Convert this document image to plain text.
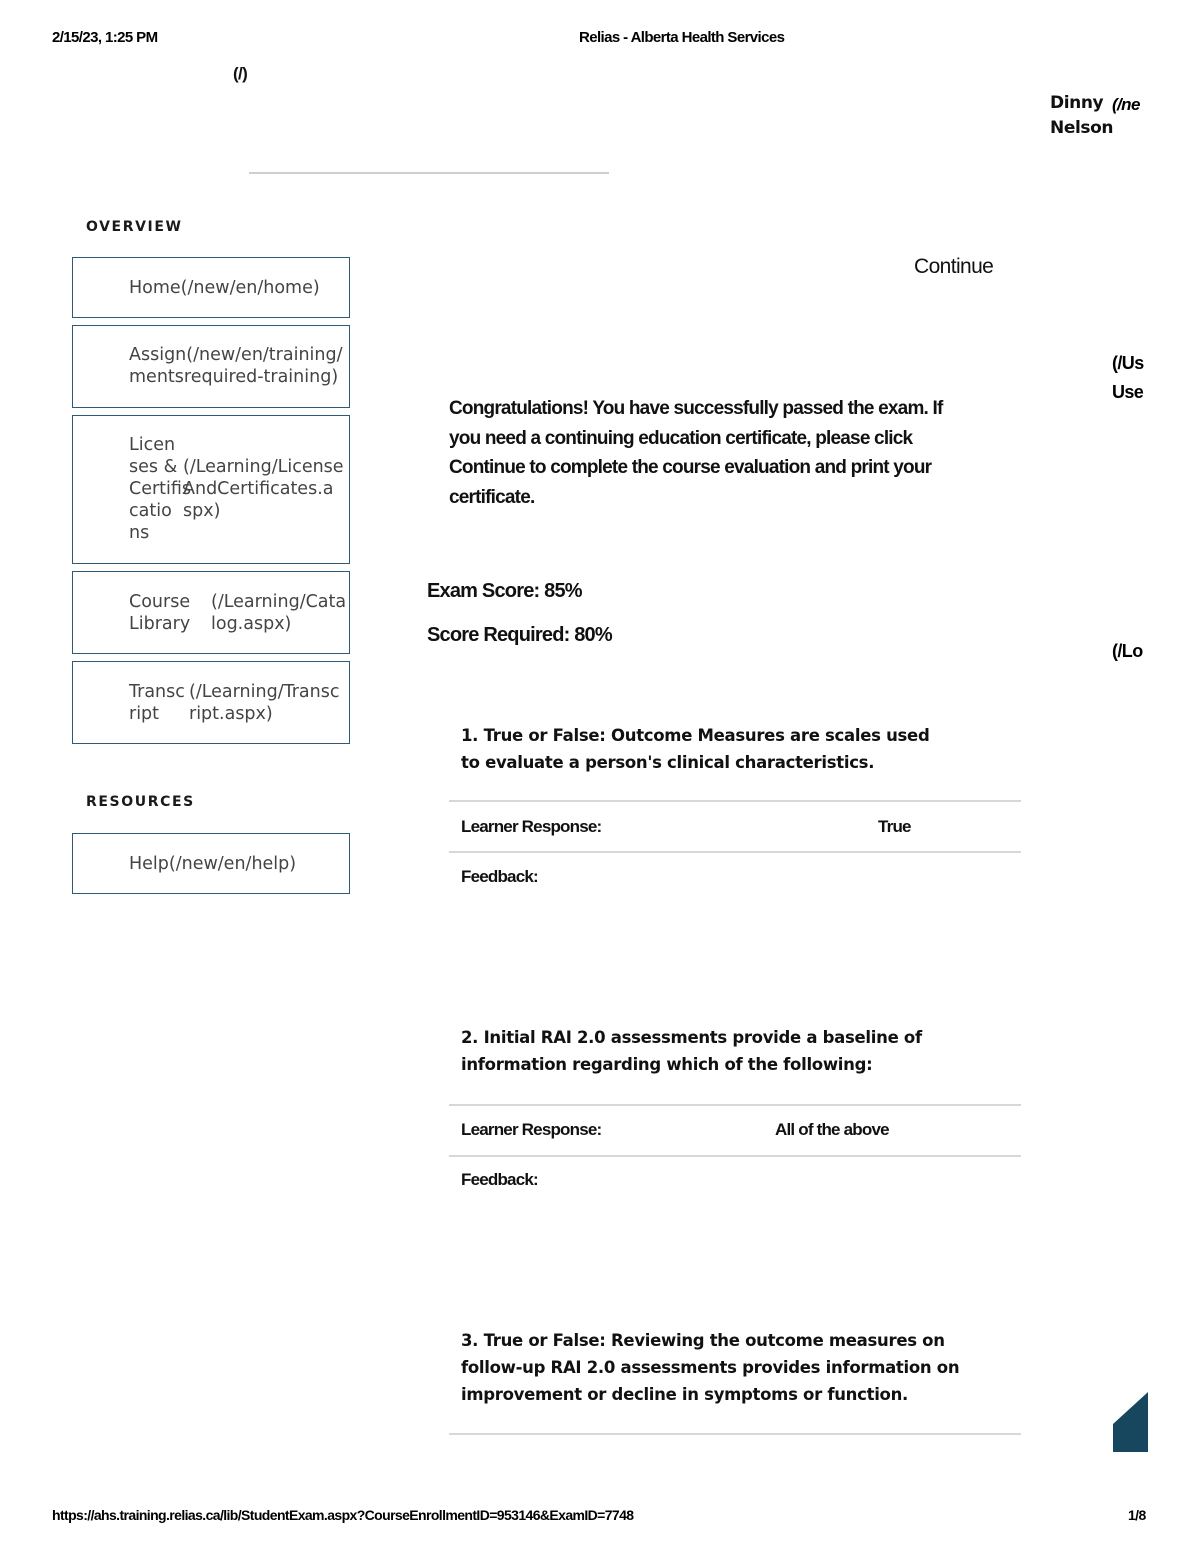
2/15/23, 1:25 PM	Relias - Alberta Health Services
(/)
Dinny
Nelson
(/ne
(/Us
Use
(/Lo
OVERVIEW
Home(/new/en/home)
Assign(/new/en/training/
mentsrequired-training)
Licen
ses &
Certifis
catio
ns
(/Learning/License
AndCertificates.a
spx)
Course
Library
(/Learning/Cata
log.aspx)
Transc
ript
(/Learning/Transc
ript.aspx)
RESOURCES
Help(/new/en/help)
Continue
Congratulations! You have successfully passed the exam. If
you need a continuing education certificate, please click
Continue to complete the course evaluation and print your
certificate.
Exam Score: 85%
Score Required: 80%
1. True or False: Outcome Measures are scales used
to evaluate a person's clinical characteristics.
Learner Response:	True
Feedback:
2. Initial RAI 2.0 assessments provide a baseline of
information regarding which of the following:
Learner Response:	All of the above
Feedback:
3. True or False: Reviewing the outcome measures on
follow-up RAI 2.0 assessments provides information on
improvement or decline in symptoms or function.
https://ahs.training.relias.ca/lib/StudentExam.aspx?CourseEnrollmentID=953146&ExamID=7748	1/8
